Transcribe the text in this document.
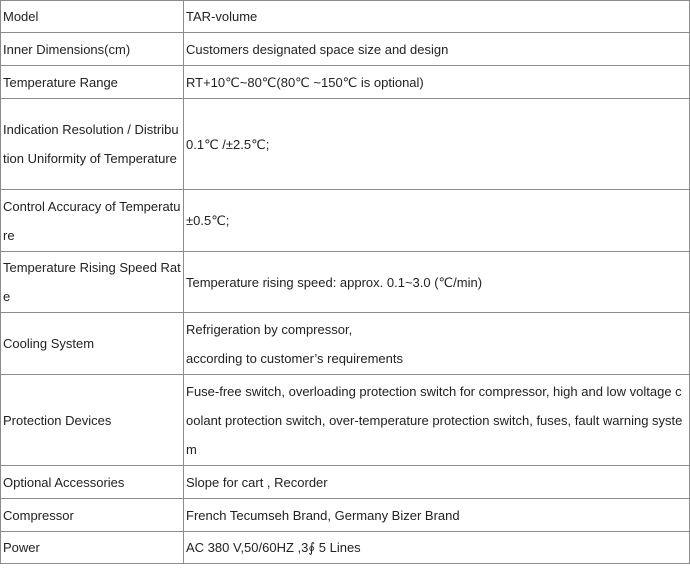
Model	TAR-volume
Inner Dimensions(cm)	Customers designated space size and design
Temperature Range	RT+10℃~80℃(80℃ ~150℃ is optional)
Indication Resolution / Distribution Uniformity of Temperature	0.1℃ /±2.5℃;
Control Accuracy of Temperature	±0.5℃;
Temperature Rising Speed Rate	Temperature rising speed: approx. 0.1~3.0 (℃/min)
Cooling System	Refrigeration by compressor,
according to customer’s requirements

Protection Devices	Fuse-free switch, overloading protection switch for compressor, high and low voltage coolant protection switch, over-temperature protection switch, fuses, fault warning system
Optional Accessories	Slope for cart , Recorder
Compressor	French Tecumseh Brand, Germany Bizer Brand
Power	AC 380 V,50/60HZ ,3∮ 5 Lines
